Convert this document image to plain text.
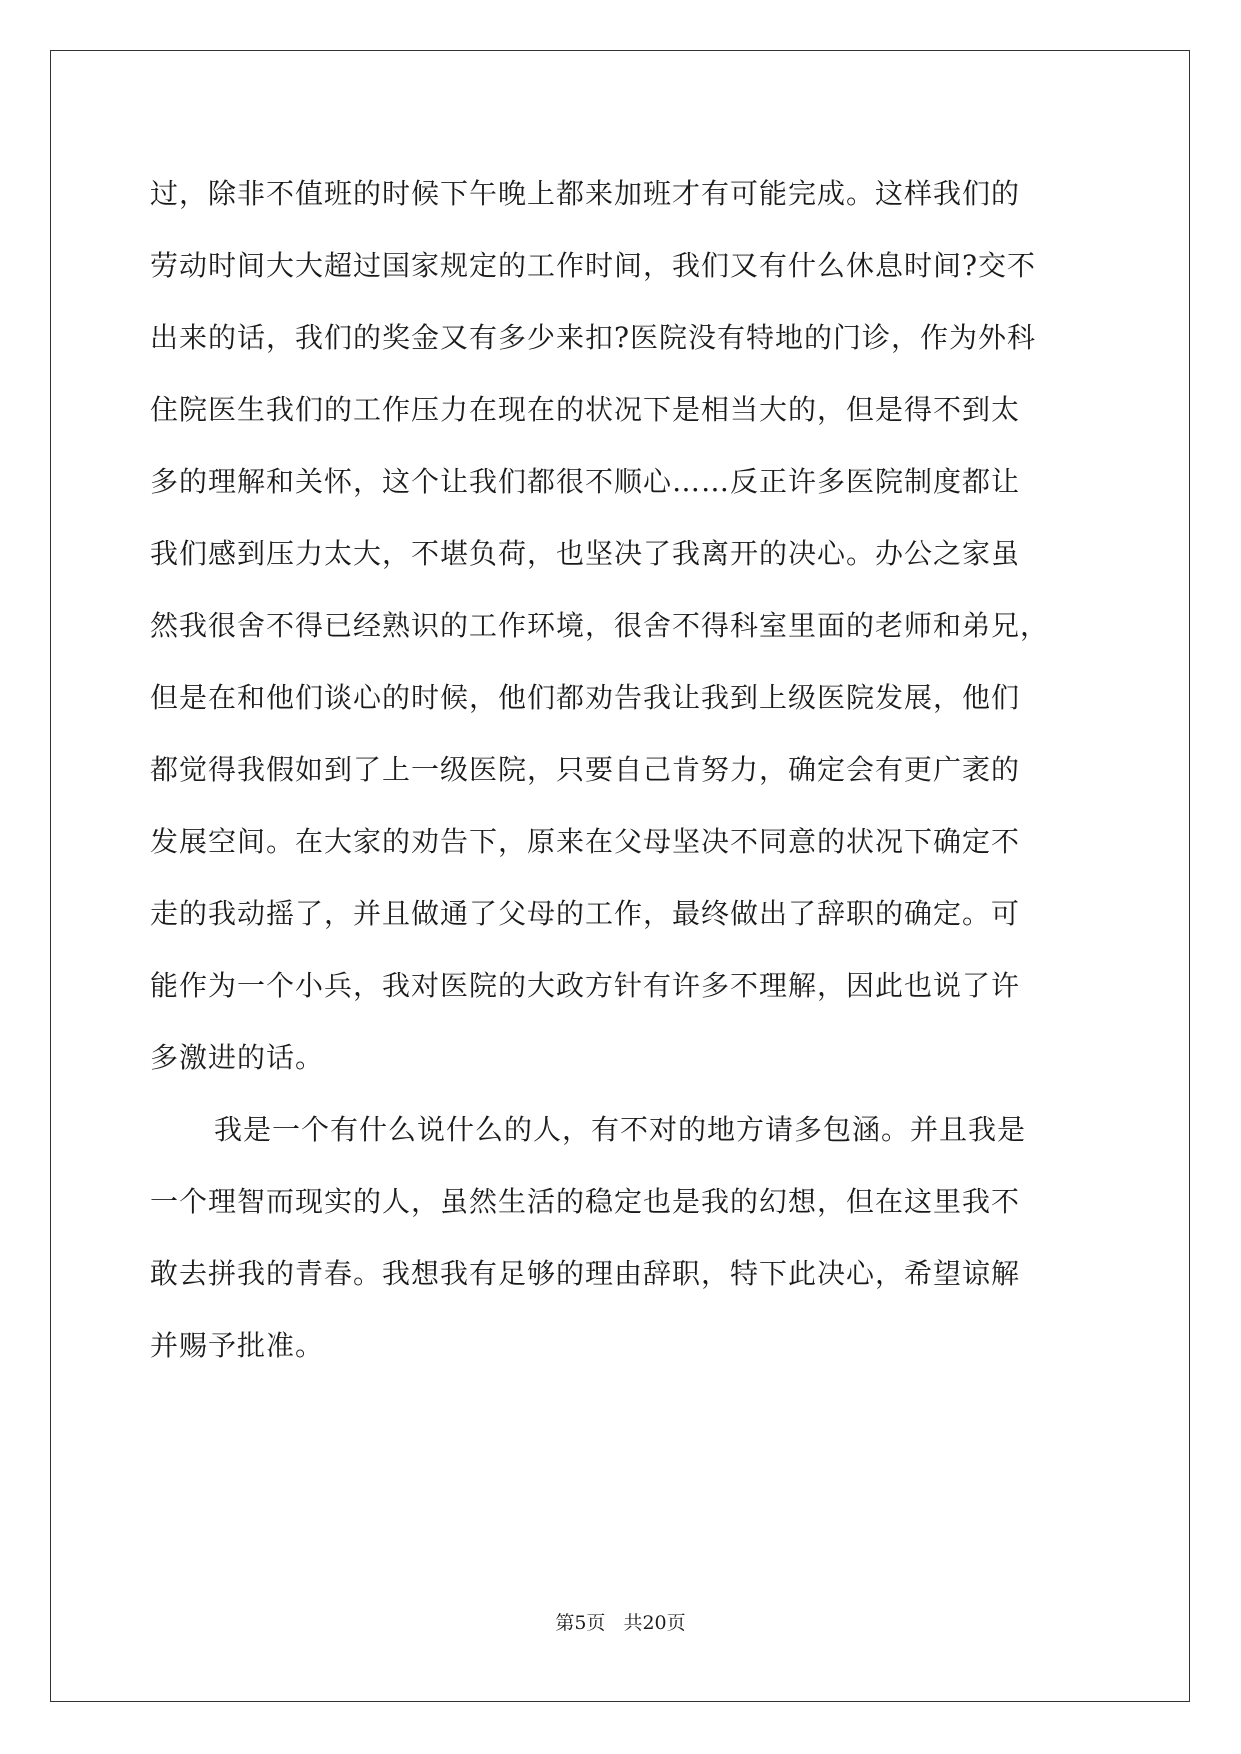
过，除非不值班的时候下午晚上都来加班才有可能完成。这样我们的
劳动时间大大超过国家规定的工作时间，我们又有什么休息时间?交不
出来的话，我们的奖金又有多少来扣?医院没有特地的门诊，作为外科
住院医生我们的工作压力在现在的状况下是相当大的，但是得不到太
多的理解和关怀，这个让我们都很不顺心……反正许多医院制度都让
我们感到压力太大，不堪负荷，也坚决了我离开的决心。办公之家虽
然我很舍不得已经熟识的工作环境，很舍不得科室里面的老师和弟兄，
但是在和他们谈心的时候，他们都劝告我让我到上级医院发展，他们
都觉得我假如到了上一级医院，只要自己肯努力，确定会有更广袤的
发展空间。在大家的劝告下，原来在父母坚决不同意的状况下确定不
走的我动摇了，并且做通了父母的工作，最终做出了辞职的确定。可
能作为一个小兵，我对医院的大政方针有许多不理解，因此也说了许
多激进的话。
我是一个有什么说什么的人，有不对的地方请多包涵。并且我是
一个理智而现实的人，虽然生活的稳定也是我的幻想，但在这里我不
敢去拼我的青春。我想我有足够的理由辞职，特下此决心，希望谅解
并赐予批准。
第5页 共20页
